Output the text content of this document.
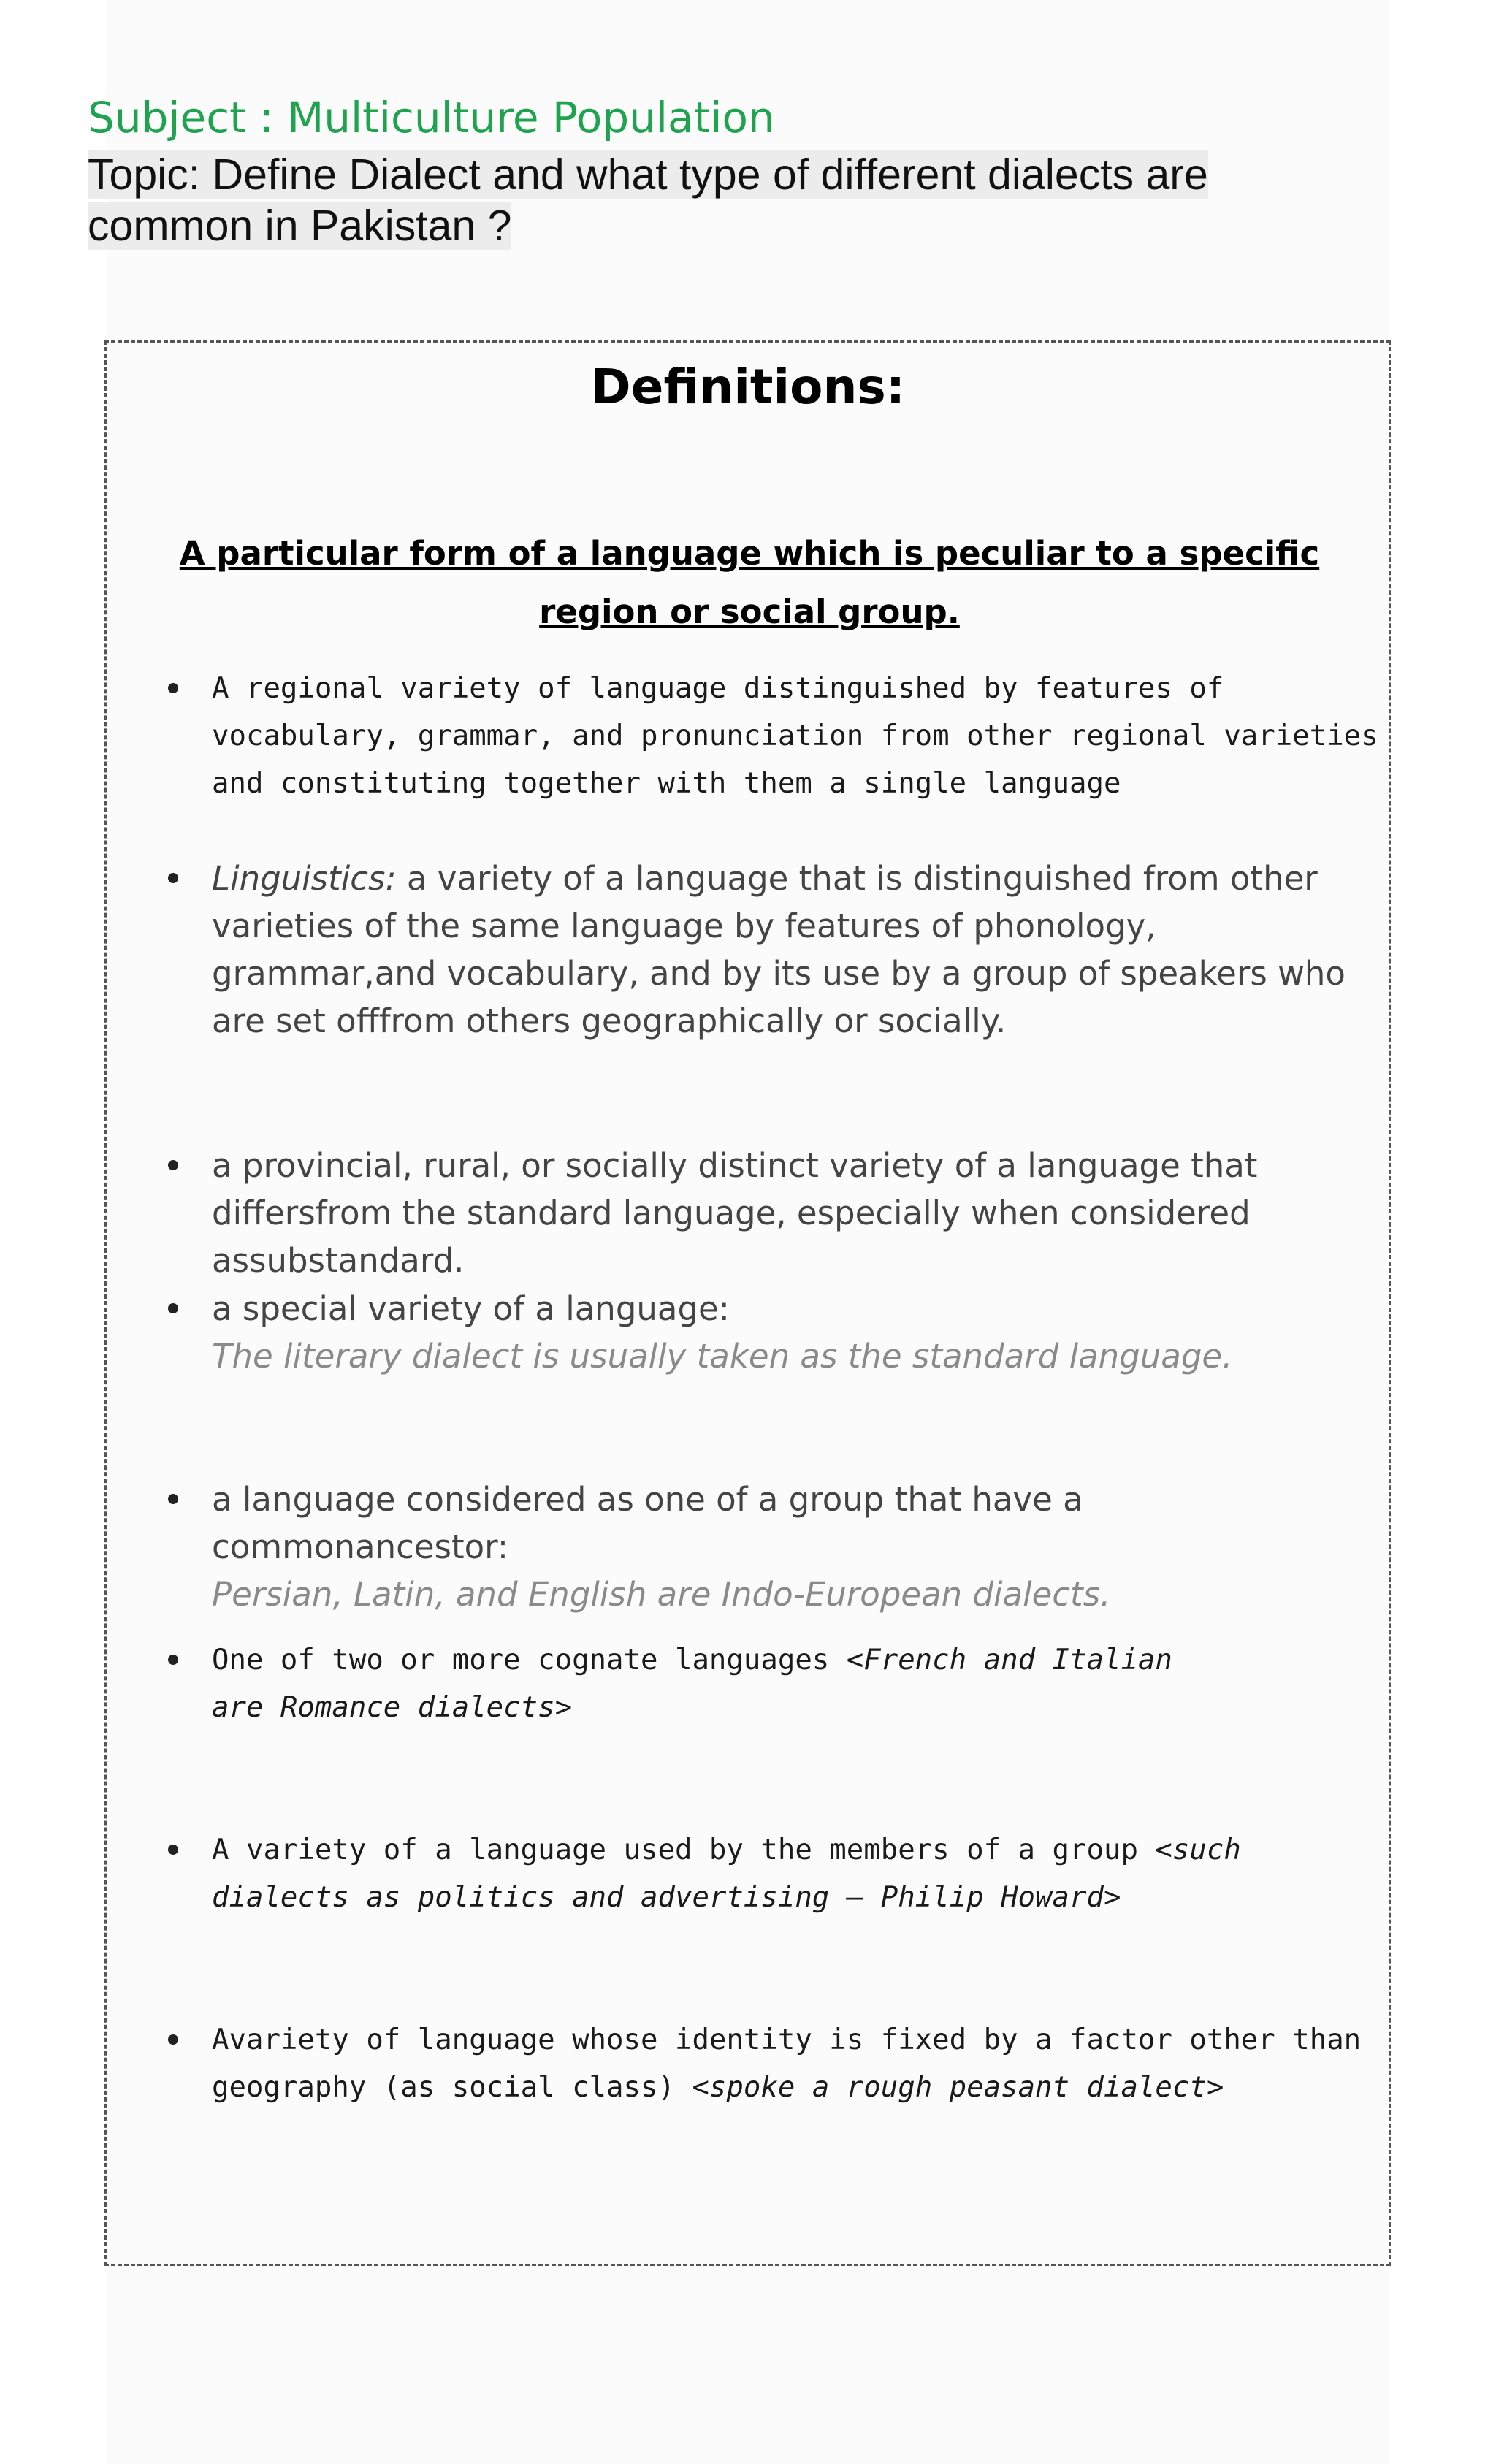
Subject : Multiculture Population
Topic: Define Dialect and what type of different dialects are common in Pakistan ?
Definitions:
A particular form of a language which is peculiar to a specific region or social group.
A regional variety of language distinguished by features of vocabulary, grammar, and pronunciation from other regional varieties and constituting together with them a single language
Linguistics: a variety of a language that is distinguished from other varieties of the same language by features of phonology, grammar,and vocabulary, and by its use by a group of speakers who are set offfrom others geographically or socially.
a provincial, rural, or socially distinct variety of a language that differsfrom the standard language, especially when considered assubstandard.
a special variety of a language:
The literary dialect is usually taken as the standard language.
a language considered as one of a group that have a commonancestor:
Persian, Latin, and English are Indo-European dialects.
One of two or more cognate languages <French and Italian are Romance dialects>
A variety of a language used by the members of a group <such dialects as politics and advertising — Philip Howard>
Avariety of language whose identity is fixed by a factor other than geography (as social class) <spoke a rough peasant dialect>
